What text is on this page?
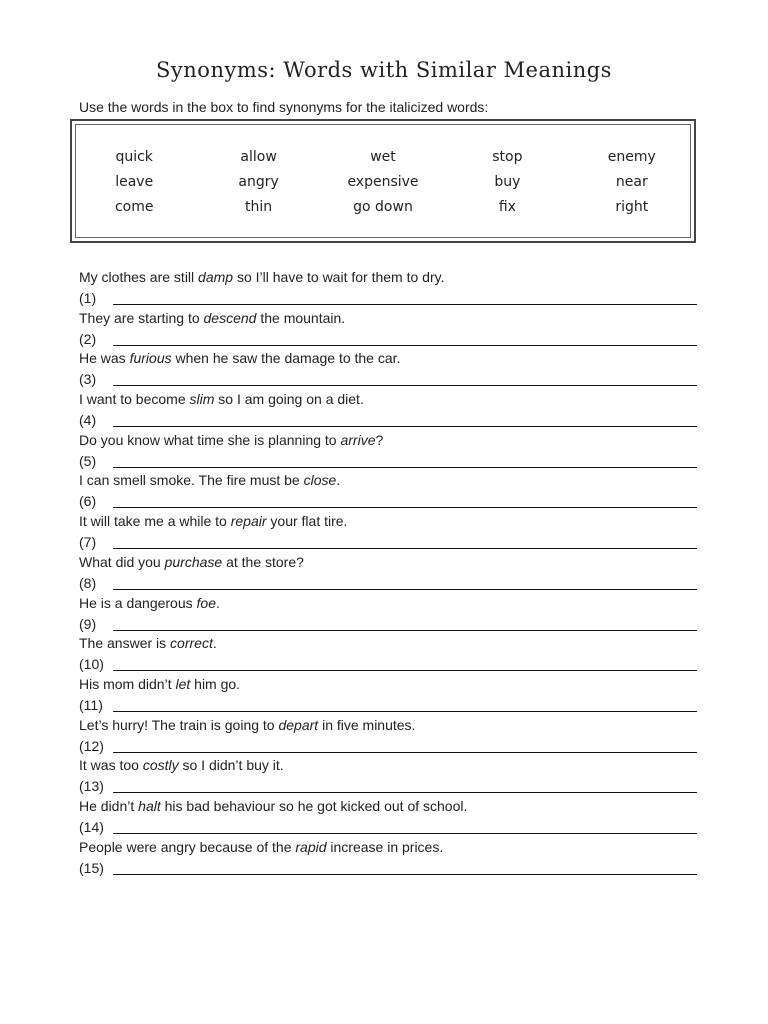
Synonyms: Words with Similar Meanings
Use the words in the box to find synonyms for the italicized words:
quick	allow	wet	stop	enemy
leave	angry	expensive	buy	near
come	thin	go down	fix	right
My clothes are still damp so I’ll have to wait for them to dry.
(1)
They are starting to descend the mountain.
(2)
He was furious when he saw the damage to the car.
(3)
I want to become slim so I am going on a diet.
(4)
Do you know what time she is planning to arrive?
(5)
I can smell smoke. The fire must be close.
(6)
It will take me a while to repair your flat tire.
(7)
What did you purchase at the store?
(8)
He is a dangerous foe.
(9)
The answer is correct.
(10)
His mom didn’t let him go.
(11)
Let’s hurry! The train is going to depart in five minutes.
(12)
It was too costly so I didn’t buy it.
(13)
He didn’t halt his bad behaviour so he got kicked out of school.
(14)
People were angry because of the rapid increase in prices.
(15)
